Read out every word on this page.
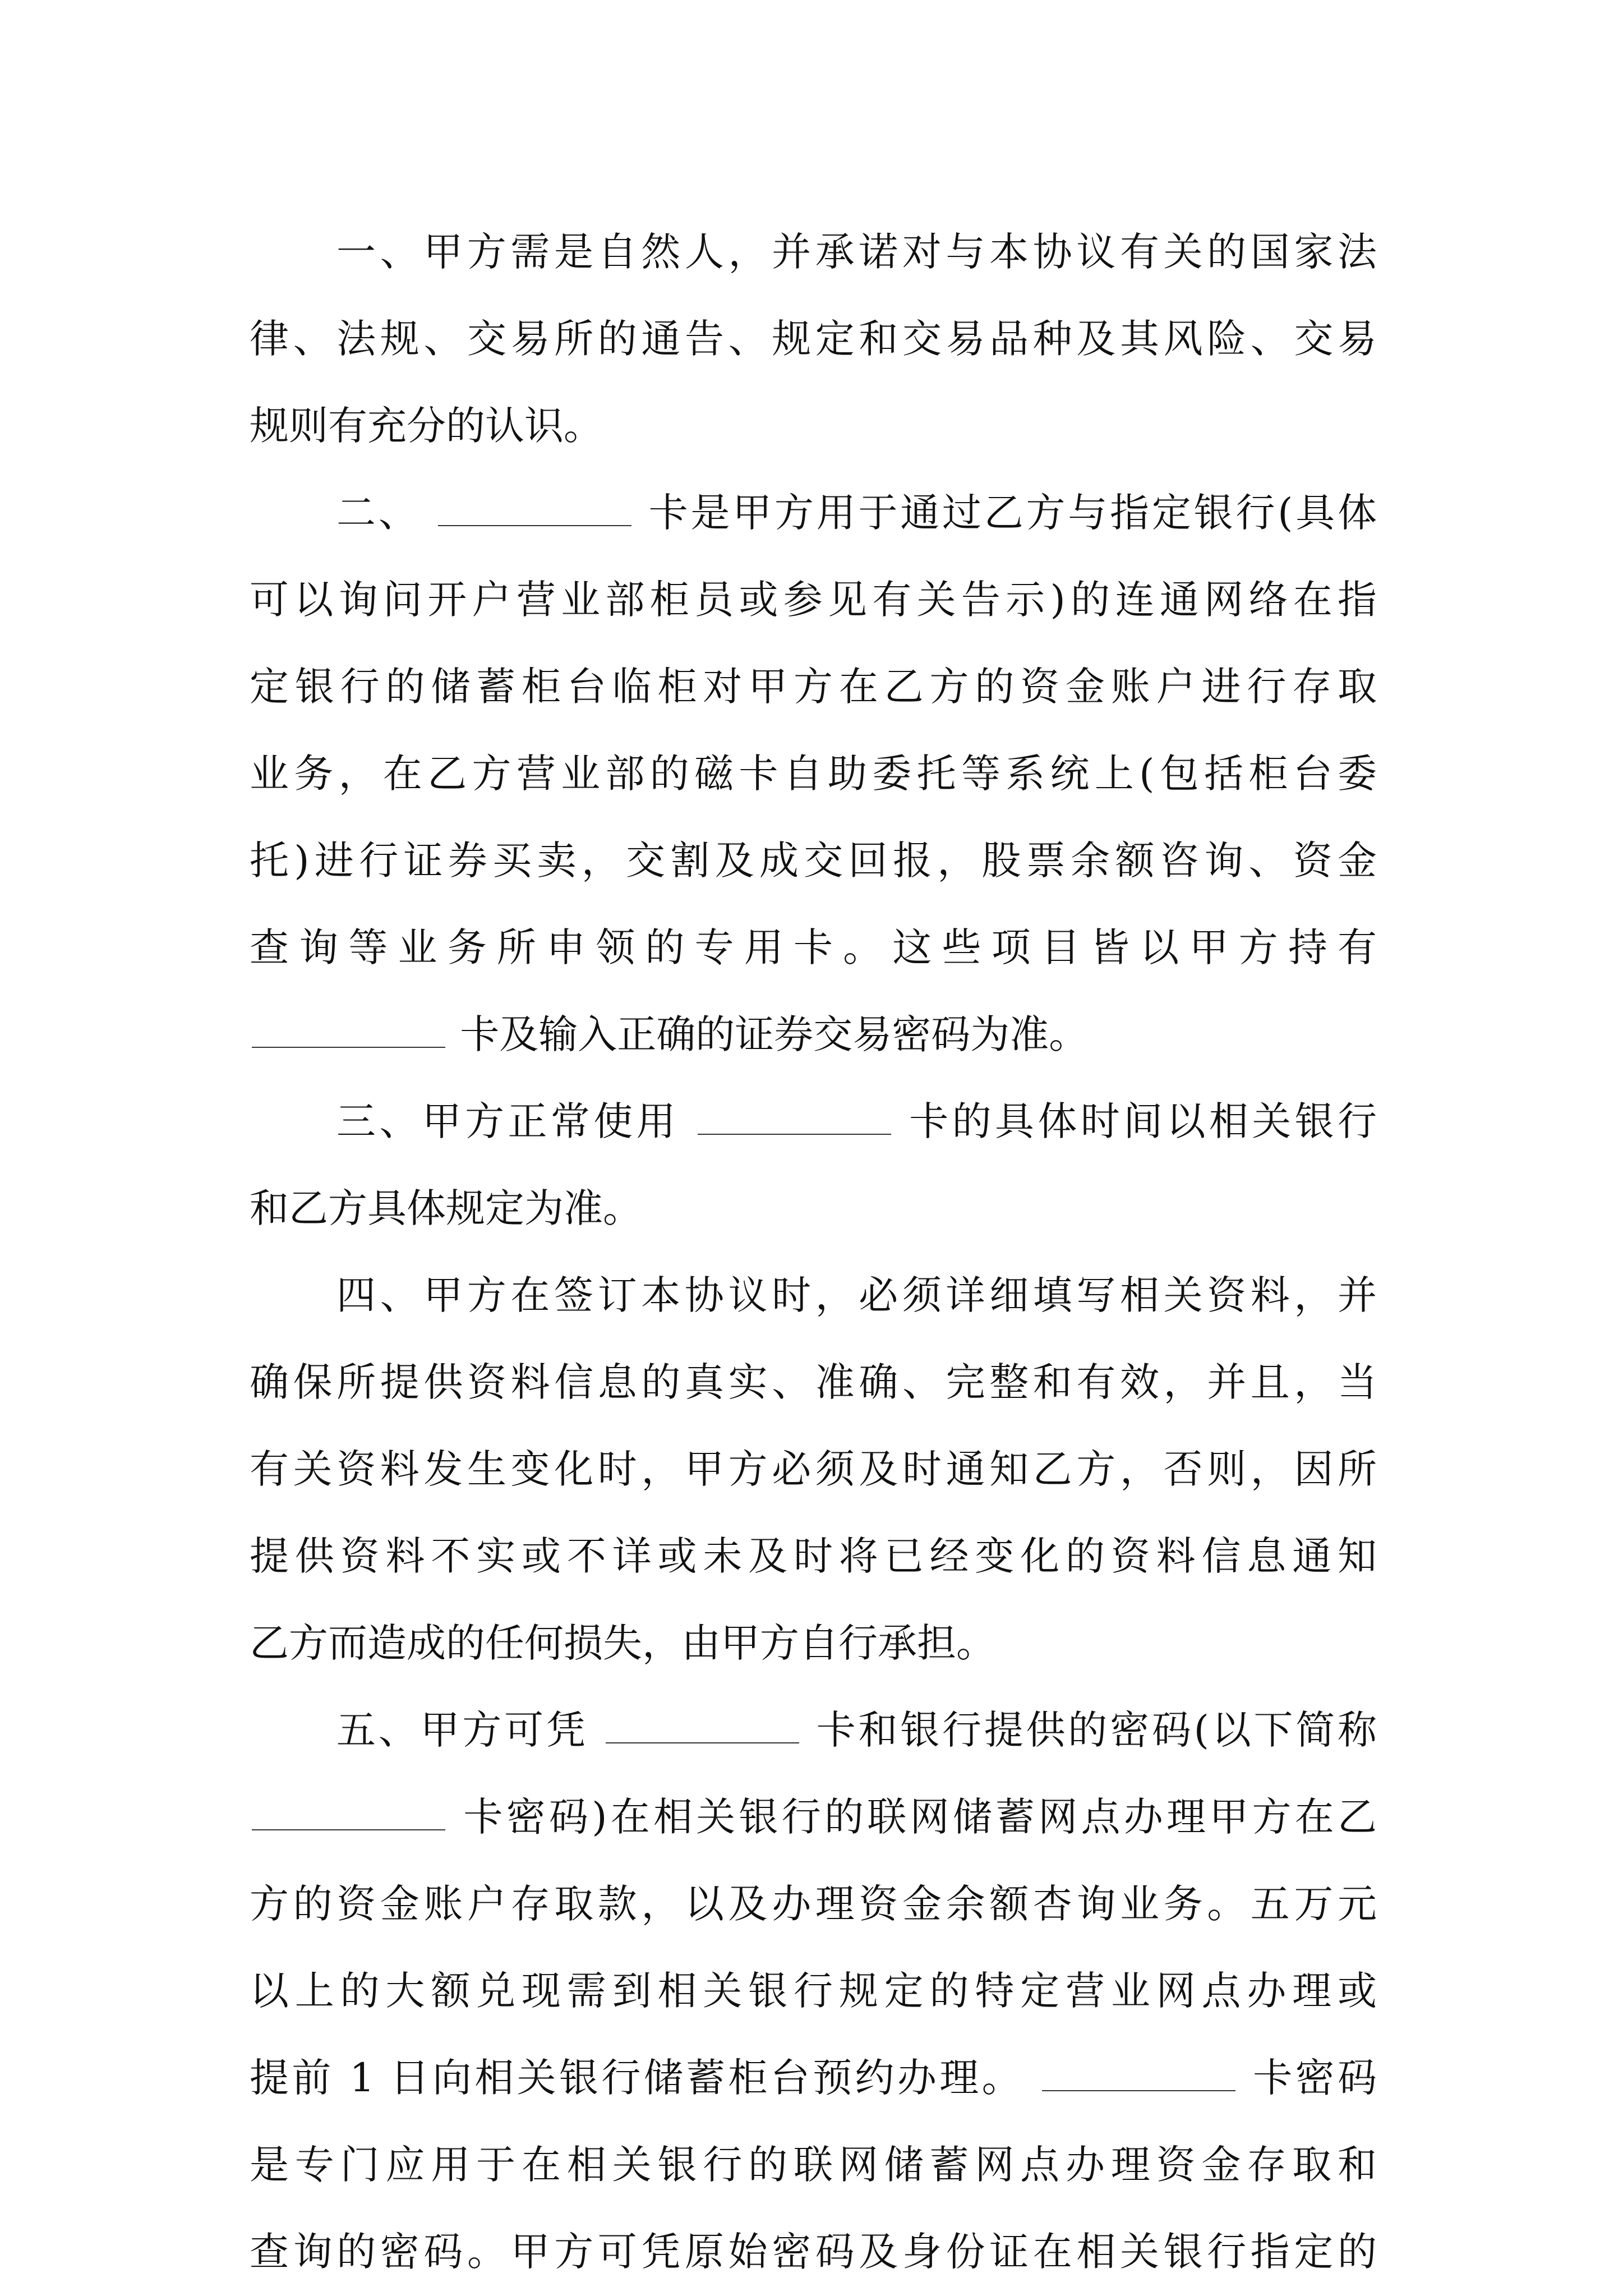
一、甲方需是自然人，并承诺对与本协议有关的国家法
律、法规、交易所的通告、规定和交易品种及其风险、交易
规则有充分的认识。
二、	卡是甲方用于通过乙方与指定银行(具体
可以询问开户营业部柜员或参见有关告示)的连通网络在指
定银行的储蓄柜台临柜对甲方在乙方的资金账户进行存取
业务，在乙方营业部的磁卡自助委托等系统上(包括柜台委
托)进行证券买卖，交割及成交回报，股票余额咨询、资金
查询等业务所申领的专用卡。这些项目皆以甲方持有
卡及输入正确的证券交易密码为准。
三、甲方正常使用	卡的具体时间以相关银行
和乙方具体规定为准。
四、甲方在签订本协议时，必须详细填写相关资料，并
确保所提供资料信息的真实、准确、完整和有效，并且，当
有关资料发生变化时，甲方必须及时通知乙方，否则，因所
提供资料不实或不详或未及时将已经变化的资料信息通知
乙方而造成的任何损失，由甲方自行承担。
五、甲方可凭	卡和银行提供的密码(以下简称
卡密码)在相关银行的联网储蓄网点办理甲方在乙
方的资金账户存取款，以及办理资金余额杏询业务。五万元
以上的大额兑现需到相关银行规定的特定营业网点办理或
提前 1 日向相关银行储蓄柜台预约办理。	卡密码
是专门应用于在相关银行的联网储蓄网点办理资金存取和
查询的密码。甲方可凭原始密码及身份证在相关银行指定的
